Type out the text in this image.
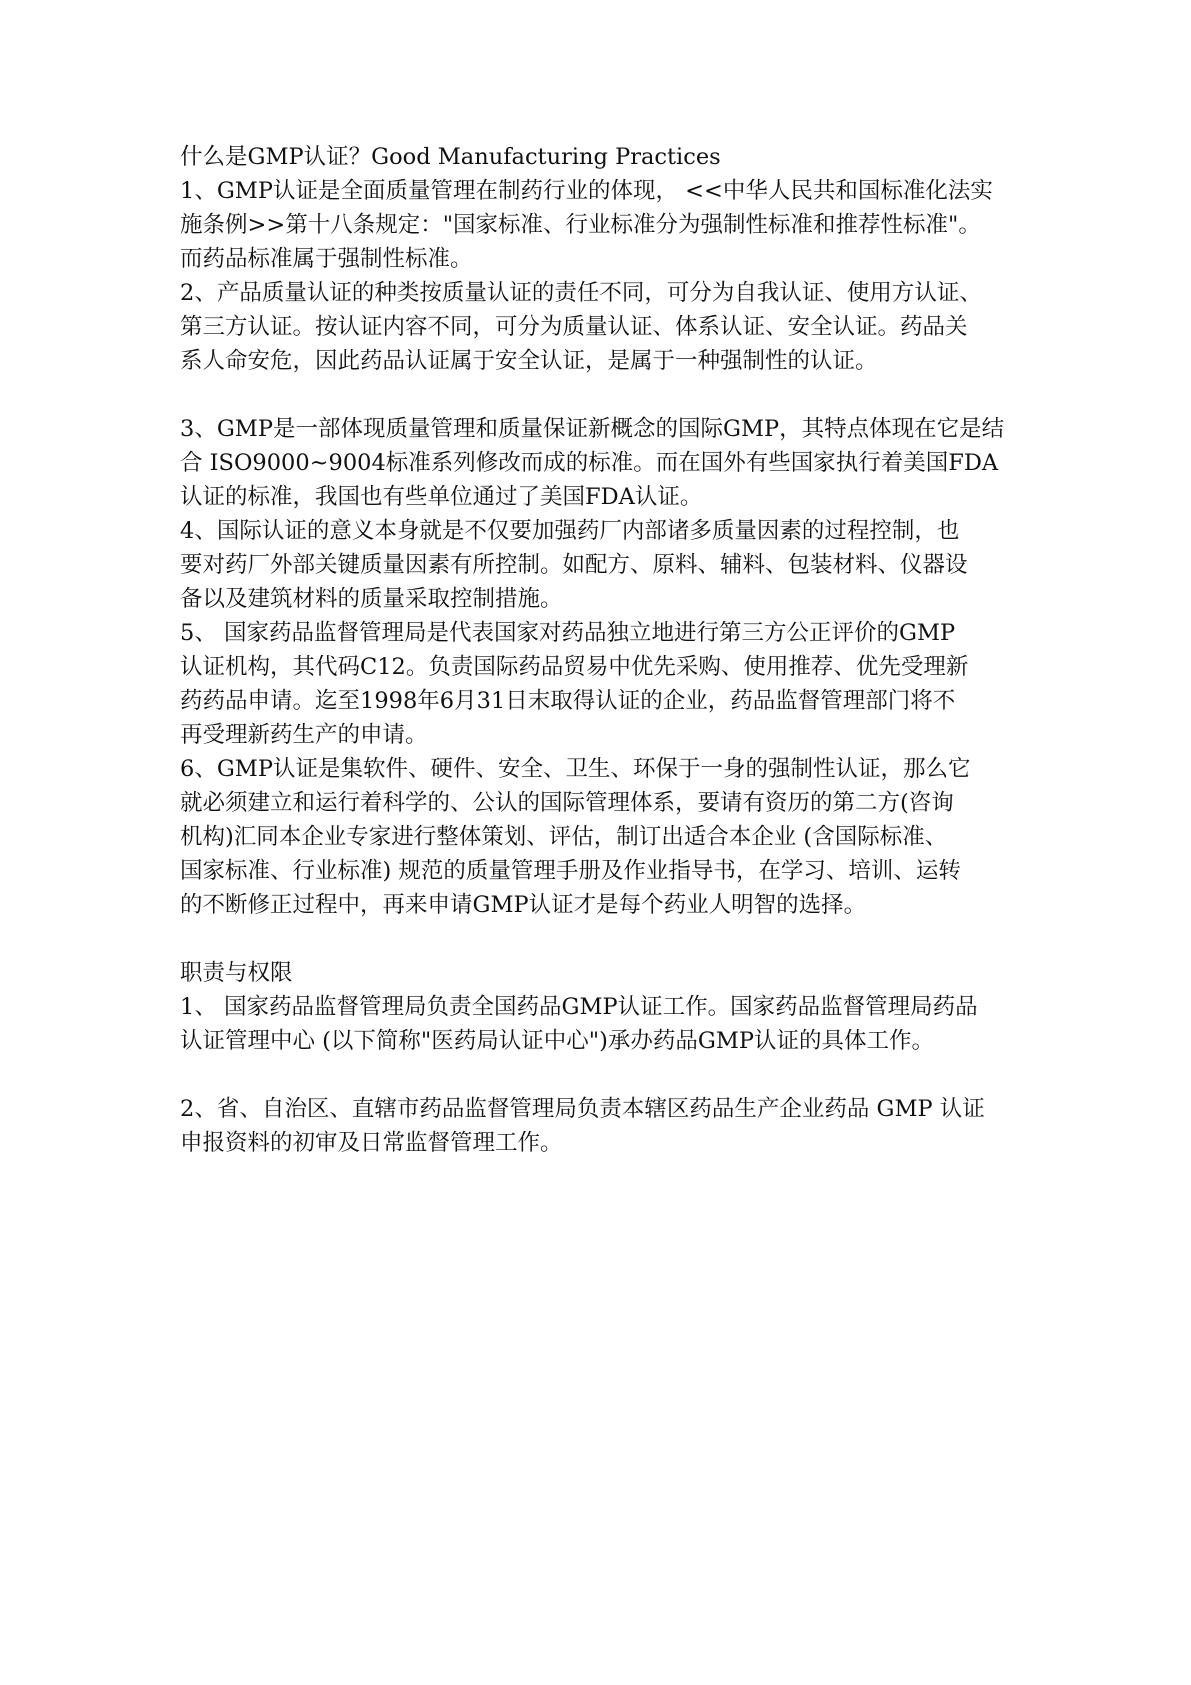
什么是GMP认证？Good Manufacturing Practices
1、GMP认证是全面质量管理在制药行业的体现， <<中华人民共和国标准化法实
施条例>>第十八条规定："国家标准、行业标准分为强制性标准和推荐性标准"。
而药品标准属于强制性标准。
2、产品质量认证的种类按质量认证的责任不同，可分为自我认证、使用方认证、
第三方认证。按认证内容不同，可分为质量认证、体系认证、安全认证。药品关
系人命安危，因此药品认证属于安全认证，是属于一种强制性的认证。
3、GMP是一部体现质量管理和质量保证新概念的国际GMP，其特点体现在它是结
合 ISO9000~9004标准系列修改而成的标准。而在国外有些国家执行着美国FDA
认证的标准，我国也有些单位通过了美国FDA认证。
4、国际认证的意义本身就是不仅要加强药厂内部诸多质量因素的过程控制，也
要对药厂外部关键质量因素有所控制。如配方、原料、辅料、包装材料、仪器设
备以及建筑材料的质量采取控制措施。
5、 国家药品监督管理局是代表国家对药品独立地进行第三方公正评价的GMP
认证机构，其代码C12。负责国际药品贸易中优先采购、使用推荐、优先受理新
药药品申请。迄至1998年6月31日末取得认证的企业，药品监督管理部门将不
再受理新药生产的申请。
6、GMP认证是集软件、硬件、安全、卫生、环保于一身的强制性认证，那么它
就必须建立和运行着科学的、公认的国际管理体系，要请有资历的第二方(咨询
机构)汇同本企业专家进行整体策划、评估，制订出适合本企业 (含国际标准、
国家标准、行业标准) 规范的质量管理手册及作业指导书，在学习、培训、运转
的不断修正过程中，再来申请GMP认证才是每个药业人明智的选择。
职责与权限
1、 国家药品监督管理局负责全国药品GMP认证工作。国家药品监督管理局药品
认证管理中心 (以下简称"医药局认证中心")承办药品GMP认证的具体工作。
2、省、自治区、直辖市药品监督管理局负责本辖区药品生产企业药品 GMP 认证
申报资料的初审及日常监督管理工作。
